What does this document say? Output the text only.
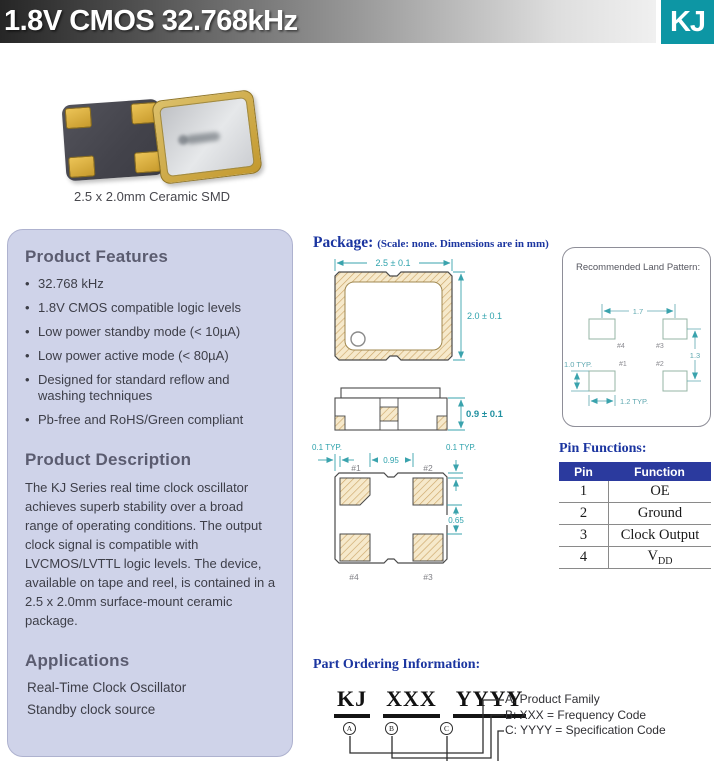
1.8V CMOS 32.768kHz	KJ
2.5 x 2.0mm Ceramic SMD
Product Features
• 32.768 kHz
• 1.8V CMOS compatible logic levels
• Low power standby mode (< 10µA)
• Low power active mode (< 80µA)
• Designed for standard reflow and washing techniques
• Pb-free and RoHS/Green compliant
Product Description
The KJ Series real time clock oscillator achieves superb stability over a broad range of operating conditions. The output clock signal is compatible with LVCMOS/LVTTL logic levels. The device, available on tape and reel, is contained in a 2.5 x 2.0mm surface-mount ceramic package.
Applications
Real-Time Clock Oscillator
Standby clock source
Package: (Scale: none. Dimensions are in mm)
2.5 ± 0.1
2.0 ± 0.1
0.9 ± 0.1
#1	#2
#3
#4
0.1 TYP.
0.95
0.1 TYP.
0.65
Recommended Land Pattern:
1.7
1.3
1.0 TYP.
1.2 TYP.
#4	#3
#1	#2
Pin Functions:
Pin	Function
1	OE
2	Ground
3	Clock Output
4	$V_{DD}$
Part Ordering Information:
KJ XXX YYYY
A	B	C
A: Product Family
B: XXX = Frequency Code
C: YYYY = Specification Code
